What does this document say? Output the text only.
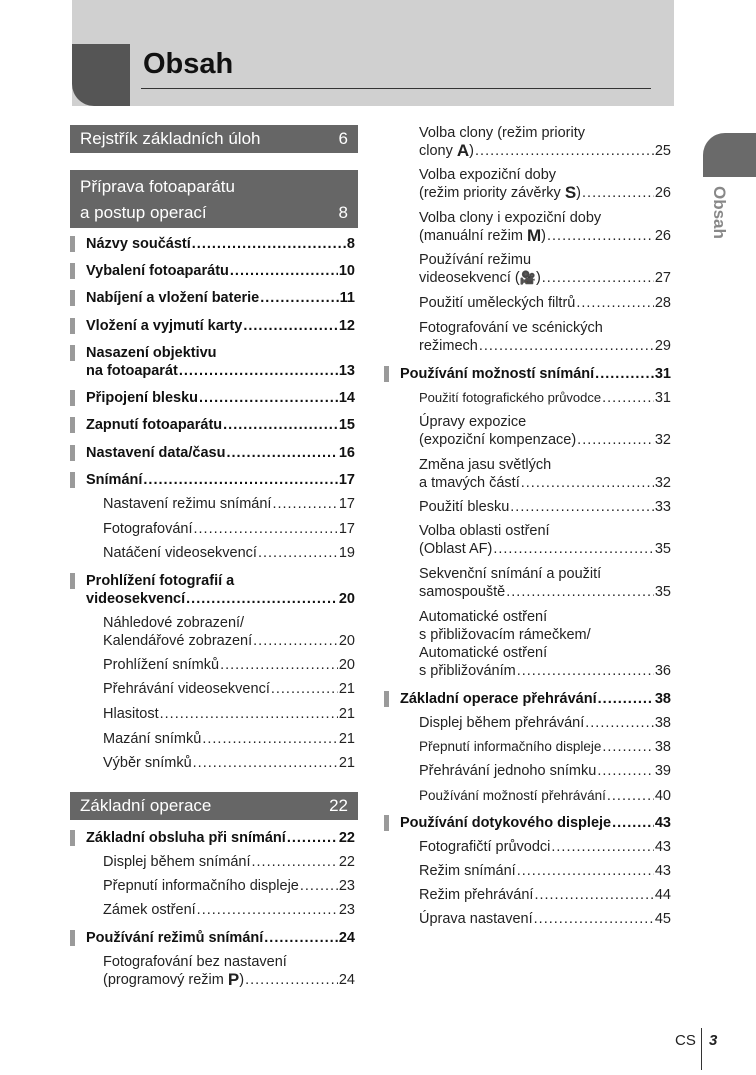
Obsah
Obsah
Rejstřík základních úloh	6
Příprava fotoaparátu
a postup operací	8
Názvy součástí .....	8
Vybalení fotoaparátu .....	10
Nabíjení a vložení baterie .....	11
Vložení a vyjmutí karty .....	12
Nasazení objektivu
na fotoaparát .....	13
Připojení blesku .....	14
Zapnutí fotoaparátu .....	15
Nastavení data/času .....	16
Snímání .....	17
Nastavení režimu snímání .....	17
Fotografování .....	17
Natáčení videosekvencí .....	19
Prohlížení fotografií a
videosekvencí .....	20
Náhledové zobrazení/
Kalendářové zobrazení .....	20
Prohlížení snímků .....	20
Přehrávání videosekvencí .....	21
Hlasitost .....	21
Mazání snímků .....	21
Výběr snímků .....	21
Základní operace	22
Základní obsluha při snímání .....	22
Displej během snímání .....	22
Přepnutí informačního displeje .....	23
Zámek ostření .....	23
Používání režimů snímání .....	24
Fotografování bez nastavení
(programový režim
P ) .....	24
Volba clony (režim priority
clony
A ) .....	25
Volba expoziční doby
(režim priority závěrky
S ) .....	26
Volba clony i expoziční doby
(manuální režim
M ) .....	26
Používání režimu
videosekvencí ( 🎥 ) .....	27
Použití uměleckých filtrů .....	28
Fotografování ve scénických
režimech .....	29
Používání možností snímání .....	31
Použití fotografického průvodce .....	31
Úpravy expozice
(expoziční kompenzace) .....	32
Změna jasu světlých
a tmavých částí .....	32
Použití blesku .....	33
Volba oblasti ostření
(Oblast AF) .....	35
Sekvenční snímání a použití
samospouště .....	35
Automatické ostření
s přibližovacím rámečkem/
Automatické ostření
s přibližováním .....	36
Základní operace přehrávání .....	38
Displej během přehrávání .....	38
Přepnutí informačního displeje .....	38
Přehrávání jednoho snímku .....	39
Používání možností přehrávání .....	40
Používání dotykového displeje .....	43
Fotografičtí průvodci .....	43
Režim snímání .....	43
Režim přehrávání .....	44
Úprava nastavení .....	45
CS 3
